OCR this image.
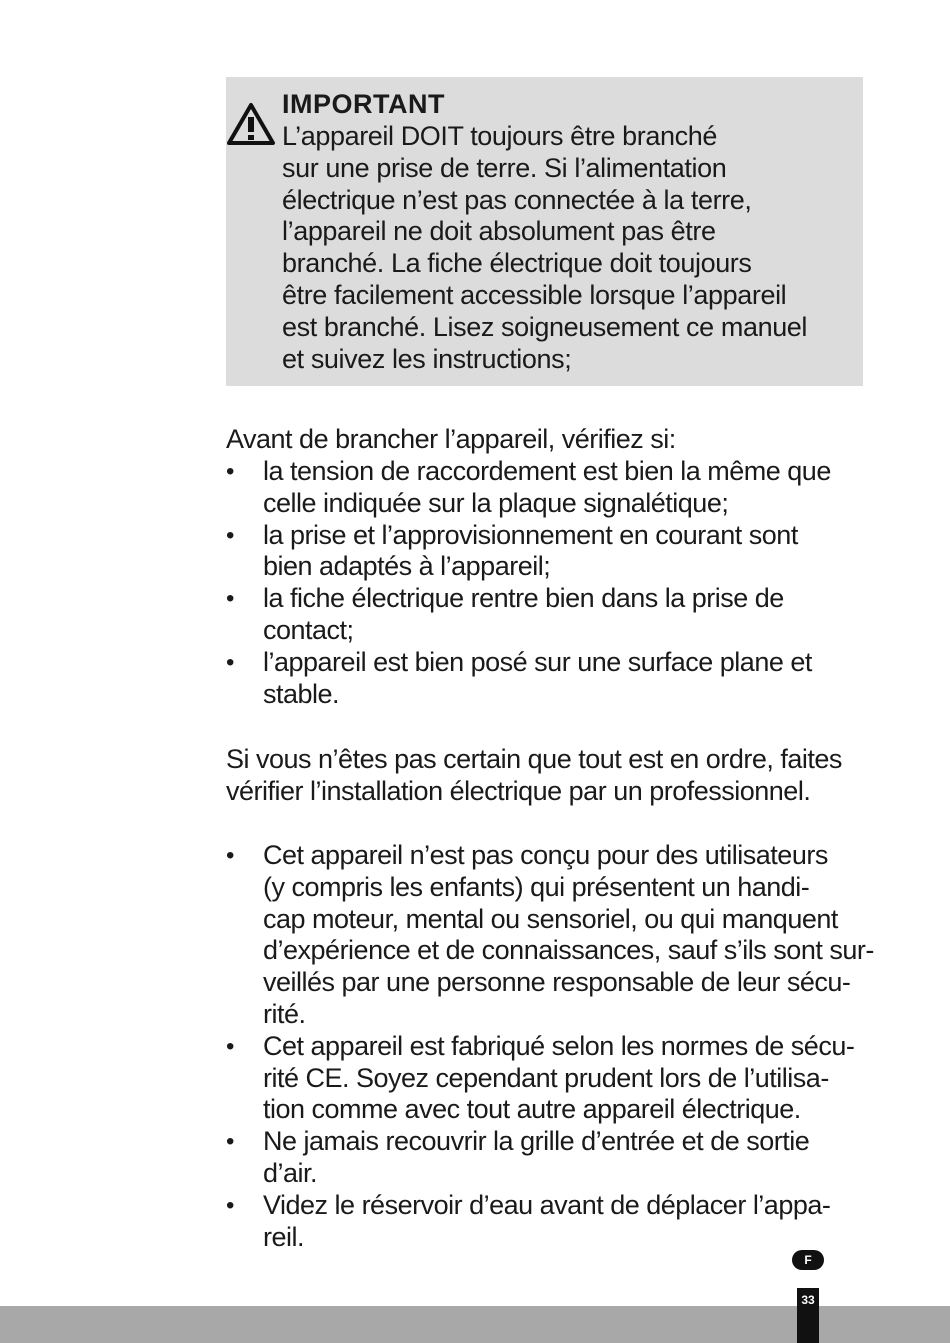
IMPORTANT
L’appareil DOIT toujours être branché
sur une prise de terre. Si l’alimentation
électrique n’est pas connectée à la terre,
l’appareil ne doit absolument pas être
branché. La fiche électrique doit toujours
être facilement accessible lorsque l’appareil
est branché. Lisez soigneusement ce manuel
et suivez les instructions;
Avant de brancher l’appareil, vérifiez si:
• la tension de raccordement est bien la même que
celle indiquée sur la plaque signalétique;
• la prise et l’approvisionnement en courant sont
bien adaptés à l’appareil;
• la fiche électrique rentre bien dans la prise de
contact;
• l’appareil est bien posé sur une surface plane et
stable.
Si vous n’êtes pas certain que tout est en ordre, faites
vérifier l’installation électrique par un professionnel.
• Cet appareil n’est pas conçu pour des utilisateurs
(y compris les enfants) qui présentent un handi-
cap moteur, mental ou sensoriel, ou qui manquent
d’expérience et de connaissances, sauf s’ils sont sur-
veillés par une personne responsable de leur sécu-
rité.
• Cet appareil est fabriqué selon les normes de sécu-
rité CE. Soyez cependant prudent lors de l’utilisa-
tion comme avec tout autre appareil électrique.
• Ne jamais recouvrir la grille d’entrée et de sortie
d’air.
• Videz le réservoir d’eau avant de déplacer l’appa-
reil.
F
33
